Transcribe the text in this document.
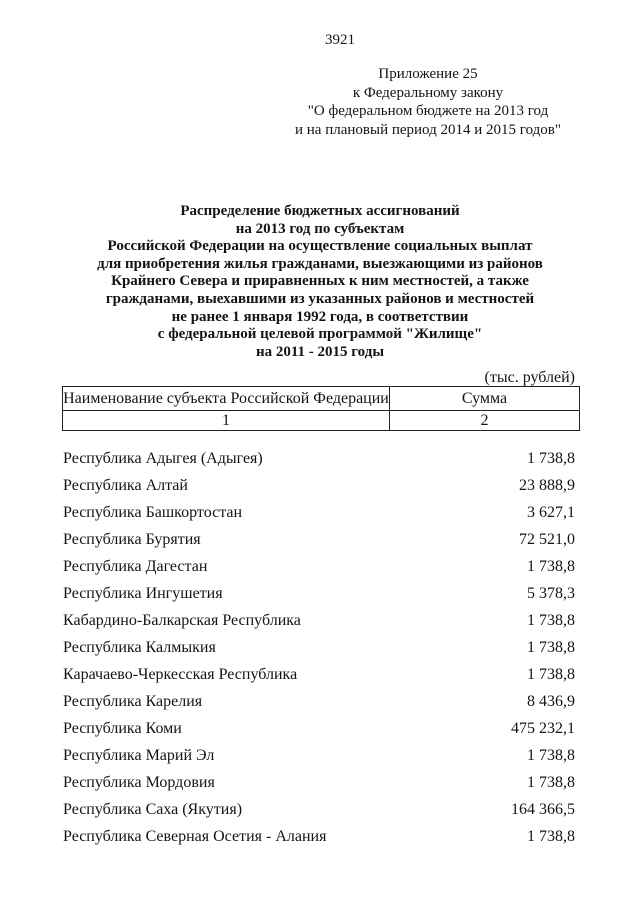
3921
Приложение 25
к Федеральному закону
"О федеральном бюджете на 2013 год
и на плановый период 2014 и 2015 годов"
Распределение бюджетных ассигнований
на 2013 год по субъектам
Российской Федерации на осуществление социальных выплат
для приобретения жилья гражданами, выезжающими из районов
Крайнего Севера и приравненных к ним местностей, а также
гражданами, выехавшими из указанных районов и местностей
не ранее 1 января 1992 года, в соответствии
с федеральной целевой программой "Жилище"
на 2011 - 2015 годы
(тыс. рублей)
Наименование субъекта Российской Федерации	Сумма
1	2
Республика Адыгея (Адыгея)	1 738,8
Республика Алтай	23 888,9
Республика Башкортостан	3 627,1
Республика Бурятия	72 521,0
Республика Дагестан	1 738,8
Республика Ингушетия	5 378,3
Кабардино-Балкарская Республика	1 738,8
Республика Калмыкия	1 738,8
Карачаево-Черкесская Республика	1 738,8
Республика Карелия	8 436,9
Республика Коми	475 232,1
Республика Марий Эл	1 738,8
Республика Мордовия	1 738,8
Республика Саха (Якутия)	164 366,5
Республика Северная Осетия - Алания	1 738,8
